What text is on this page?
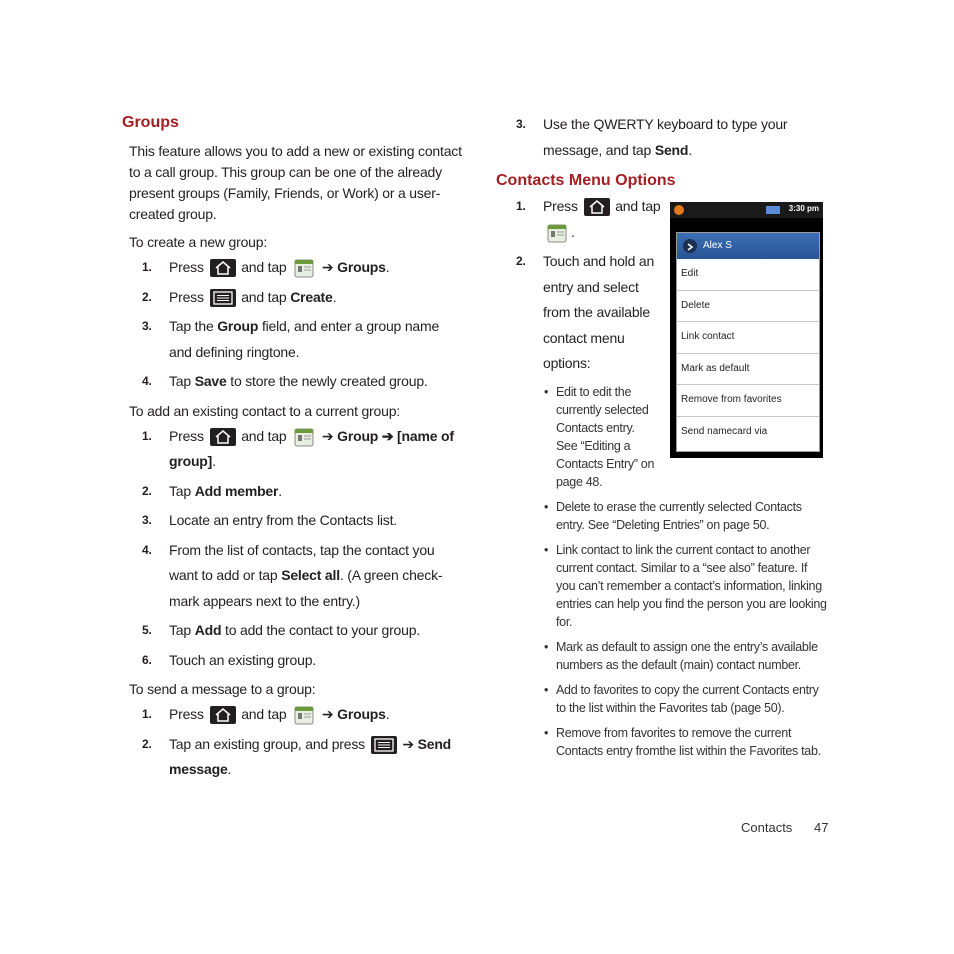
Groups

This feature allows you to add a new or existing contact to a call group. This group can be one of the already present groups (Family, Friends, or Work) or a user-created group.

To create a new group:

1. Press	and tap	➔ Groups.
2. Press	and tap Create.
3. Tap the Group field, and enter a group name and defining ringtone.
4. Tap Save to store the newly created group.

To add an existing contact to a current group:

1. Press	and tap	➔ Group ➔ [name of group].
2. Tap Add member.
3. Locate an entry from the Contacts list.
4. From the list of contacts, tap the contact you want to add or tap Select all. (A green check-mark appears next to the entry.)
5. Tap Add to add the contact to your group.
6. Touch an existing group.

To send a message to a group:

1. Press	and tap	➔ Groups.
2. Tap an existing group, and press	➔ Send message.
3. Use the QWERTY keyboard to type your message, and tap Send.
Contacts Menu Options
1. Press	and tap .
2. Touch and hold an entry and select from the available contact menu options:
• Edit to edit the currently selected Contacts entry. See “Editing a Contacts Entry” on page 48.
• Delete to erase the currently selected Contacts entry. See “Deleting Entries” on page 50.
• Link contact to link the current contact to another current contact. Similar to a “see also” feature. If you can’t remember a contact’s information, linking entries can help you find the person you are looking for.
• Mark as default to assign one the entry’s available numbers as the default (main) contact number.
• Add to favorites to copy the current Contacts entry to the list within the Favorites tab (page 50).
• Remove from favorites to remove the current Contacts entry fromthe list within the Favorites tab.
3:30 pm
Alex S
Edit
Delete
Link contact
Mark as default
Remove from favorites
Send namecard via
Contacts 47
